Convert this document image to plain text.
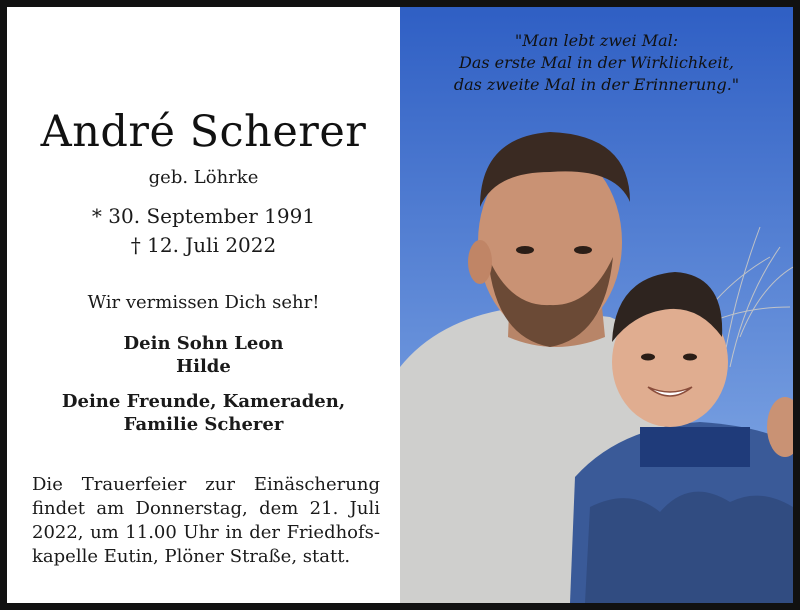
André Scherer
geb. Löhrke
* 30. September 1991
† 12. Juli 2022
Wir vermissen Dich sehr!
Dein Sohn Leon
Hilde
Deine Freunde, Kameraden,
Familie Scherer
Die Trauerfeier zur Einäscherung findet am Donnerstag, dem 21. Juli 2022, um 11.00 Uhr in der Friedhofs- kapelle Eutin, Plöner Straße, statt.
"Man lebt zwei Mal:
Das erste Mal in der Wirklichkeit,
das zweite Mal in der Erinnerung."
